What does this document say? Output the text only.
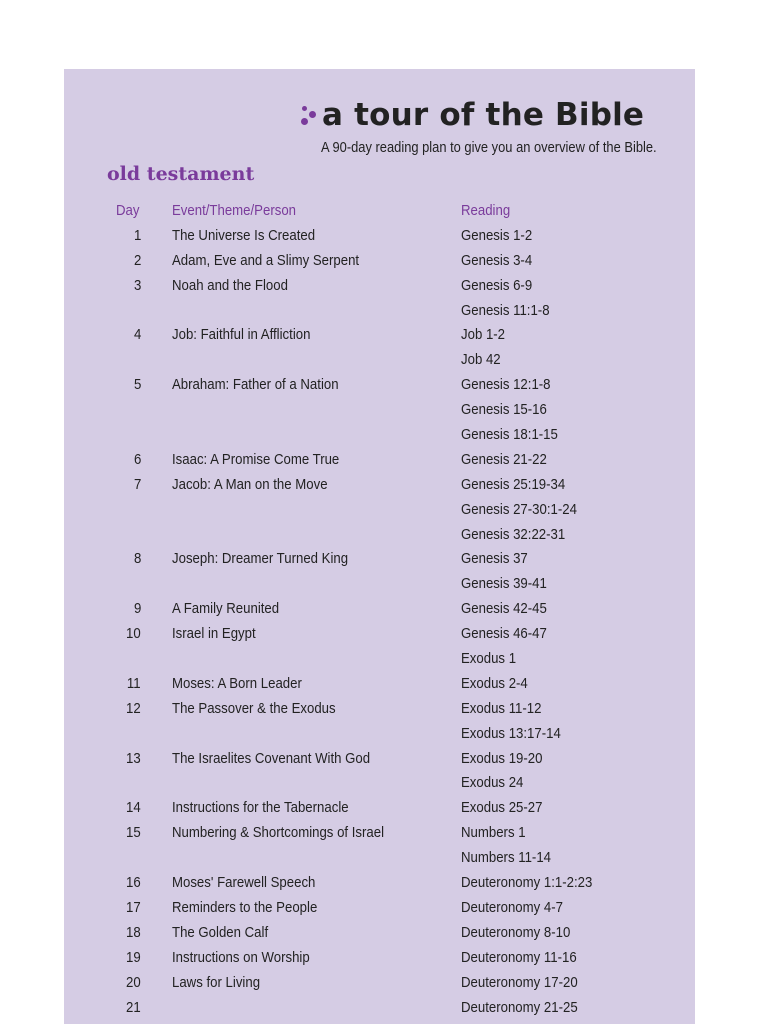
a tour of the Bible
A 90-day reading plan to give you an overview of the Bible.
old testament
Day Event/Theme/Person	Reading
1 The Universe Is Created	Genesis 1-2
2 Adam, Eve and a Slimy Serpent	Genesis 3-4
3 Noah and the Flood	Genesis 6-9
Genesis 11:1-8
4 Job: Faithful in Affliction	Job 1-2
Job 42
5 Abraham: Father of a Nation	Genesis 12:1-8
Genesis 15-16
Genesis 18:1-15
6 Isaac: A Promise Come True	Genesis 21-22
7 Jacob: A Man on the Move	Genesis 25:19-34
Genesis 27-30:1-24
Genesis 32:22-31
8 Joseph: Dreamer Turned King	Genesis 37
Genesis 39-41
9 A Family Reunited	Genesis 42-45
10 Israel in Egypt	Genesis 46-47
Exodus 1
11 Moses: A Born Leader	Exodus 2-4
12 The Passover & the Exodus	Exodus 11-12
Exodus 13:17-14
13 The Israelites Covenant With God	Exodus 19-20
Exodus 24
14 Instructions for the Tabernacle	Exodus 25-27
15 Numbering & Shortcomings of Israel	Numbers 1
Numbers 11-14
16 Moses' Farewell Speech	Deuteronomy 1:1-2:23
17 Reminders to the People	Deuteronomy 4-7
18 The Golden Calf	Deuteronomy 8-10
19 Instructions on Worship	Deuteronomy 11-16
20 Laws for Living	Deuteronomy 17-20
21	Deuteronomy 21-25
